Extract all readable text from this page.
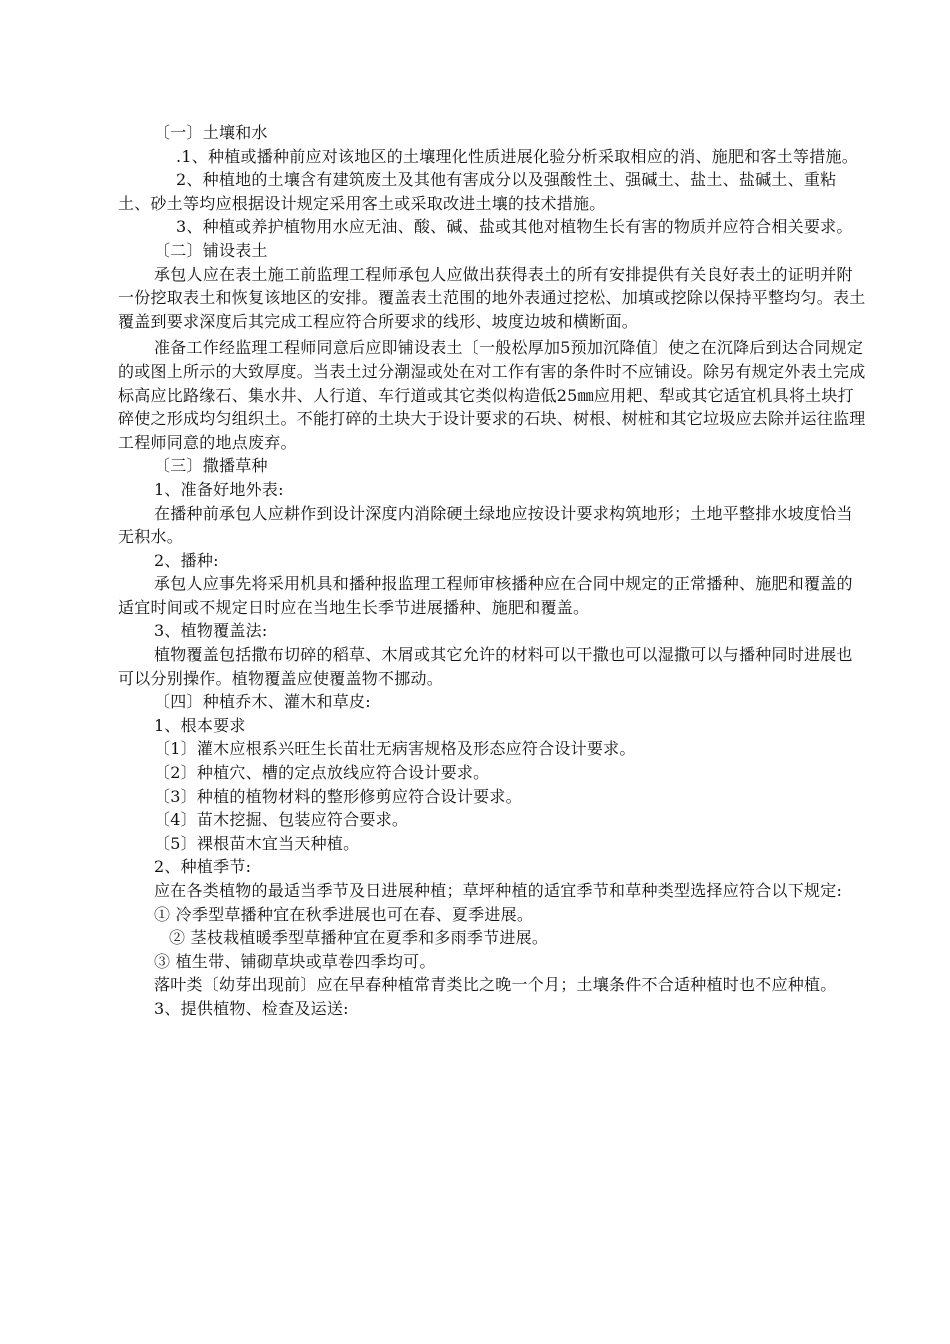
〔一〕土壤和水

.1、种植或播种前应对该地区的土壤理化性质进展化验分析采取相应的消、施肥和客土等措施。

2、种植地的土壤含有建筑废土及其他有害成分以及强酸性土、强碱土、盐土、盐碱土、重粘土、砂土等均应根据设计规定采用客土或采取改进土壤的技术措施。

3、种植或养护植物用水应无油、酸、碱、盐或其他对植物生长有害的物质并应符合相关要求。

〔二〕铺设表土

承包人应在表土施工前监理工程师承包人应做出获得表土的所有安排提供有关良好表土的证明并附一份挖取表土和恢复该地区的安排。覆盖表土范围的地外表通过挖松、加填或挖除以保持平整均匀。表土覆盖到要求深度后其完成工程应符合所要求的线形、坡度边坡和横断面。

准备工作经监理工程师同意后应即铺设表土〔一般松厚加5预加沉降值〕使之在沉降后到达合同规定的或图上所示的大致厚度。当表土过分潮湿或处在对工作有害的条件时不应铺设。除另有规定外表土完成标高应比路缘石、集水井、人行道、车行道或其它类似构造低25㎜应用耙、犁或其它适宜机具将土块打碎使之形成均匀组织土。不能打碎的土块大于设计要求的石块、树根、树桩和其它垃圾应去除并运往监理工程师同意的地点废弃。

〔三〕撒播草种

1、准备好地外表:

在播种前承包人应耕作到设计深度内消除硬土绿地应按设计要求构筑地形；土地平整排水坡度恰当无积水。

2、播种:

承包人应事先将采用机具和播种报监理工程师审核播种应在合同中规定的正常播种、施肥和覆盖的适宜时间或不规定日时应在当地生长季节进展播种、施肥和覆盖。

3、植物覆盖法:

植物覆盖包括撒布切碎的稻草、木屑或其它允许的材料可以干撒也可以湿撒可以与播种同时进展也可以分别操作。植物覆盖应使覆盖物不挪动。

〔四〕种植乔木、灌木和草皮:

1、根本要求

〔1〕灌木应根系兴旺生长苗壮无病害规格及形态应符合设计要求。

〔2〕种植穴、槽的定点放线应符合设计要求。

〔3〕种植的植物材料的整形修剪应符合设计要求。

〔4〕苗木挖掘、包装应符合要求。

〔5〕裸根苗木宜当天种植。

2、种植季节:

应在各类植物的最适当季节及日进展种植；草坪种植的适宜季节和草种类型选择应符合以下规定:

① 冷季型草播种宜在秋季进展也可在春、夏季进展。

② 茎枝栽植暖季型草播种宜在夏季和多雨季节进展。

③ 植生带、铺砌草块或草卷四季均可。

落叶类〔幼芽出现前〕应在早春种植常青类比之晚一个月；土壤条件不合适种植时也不应种植。

3、提供植物、检查及运送:
